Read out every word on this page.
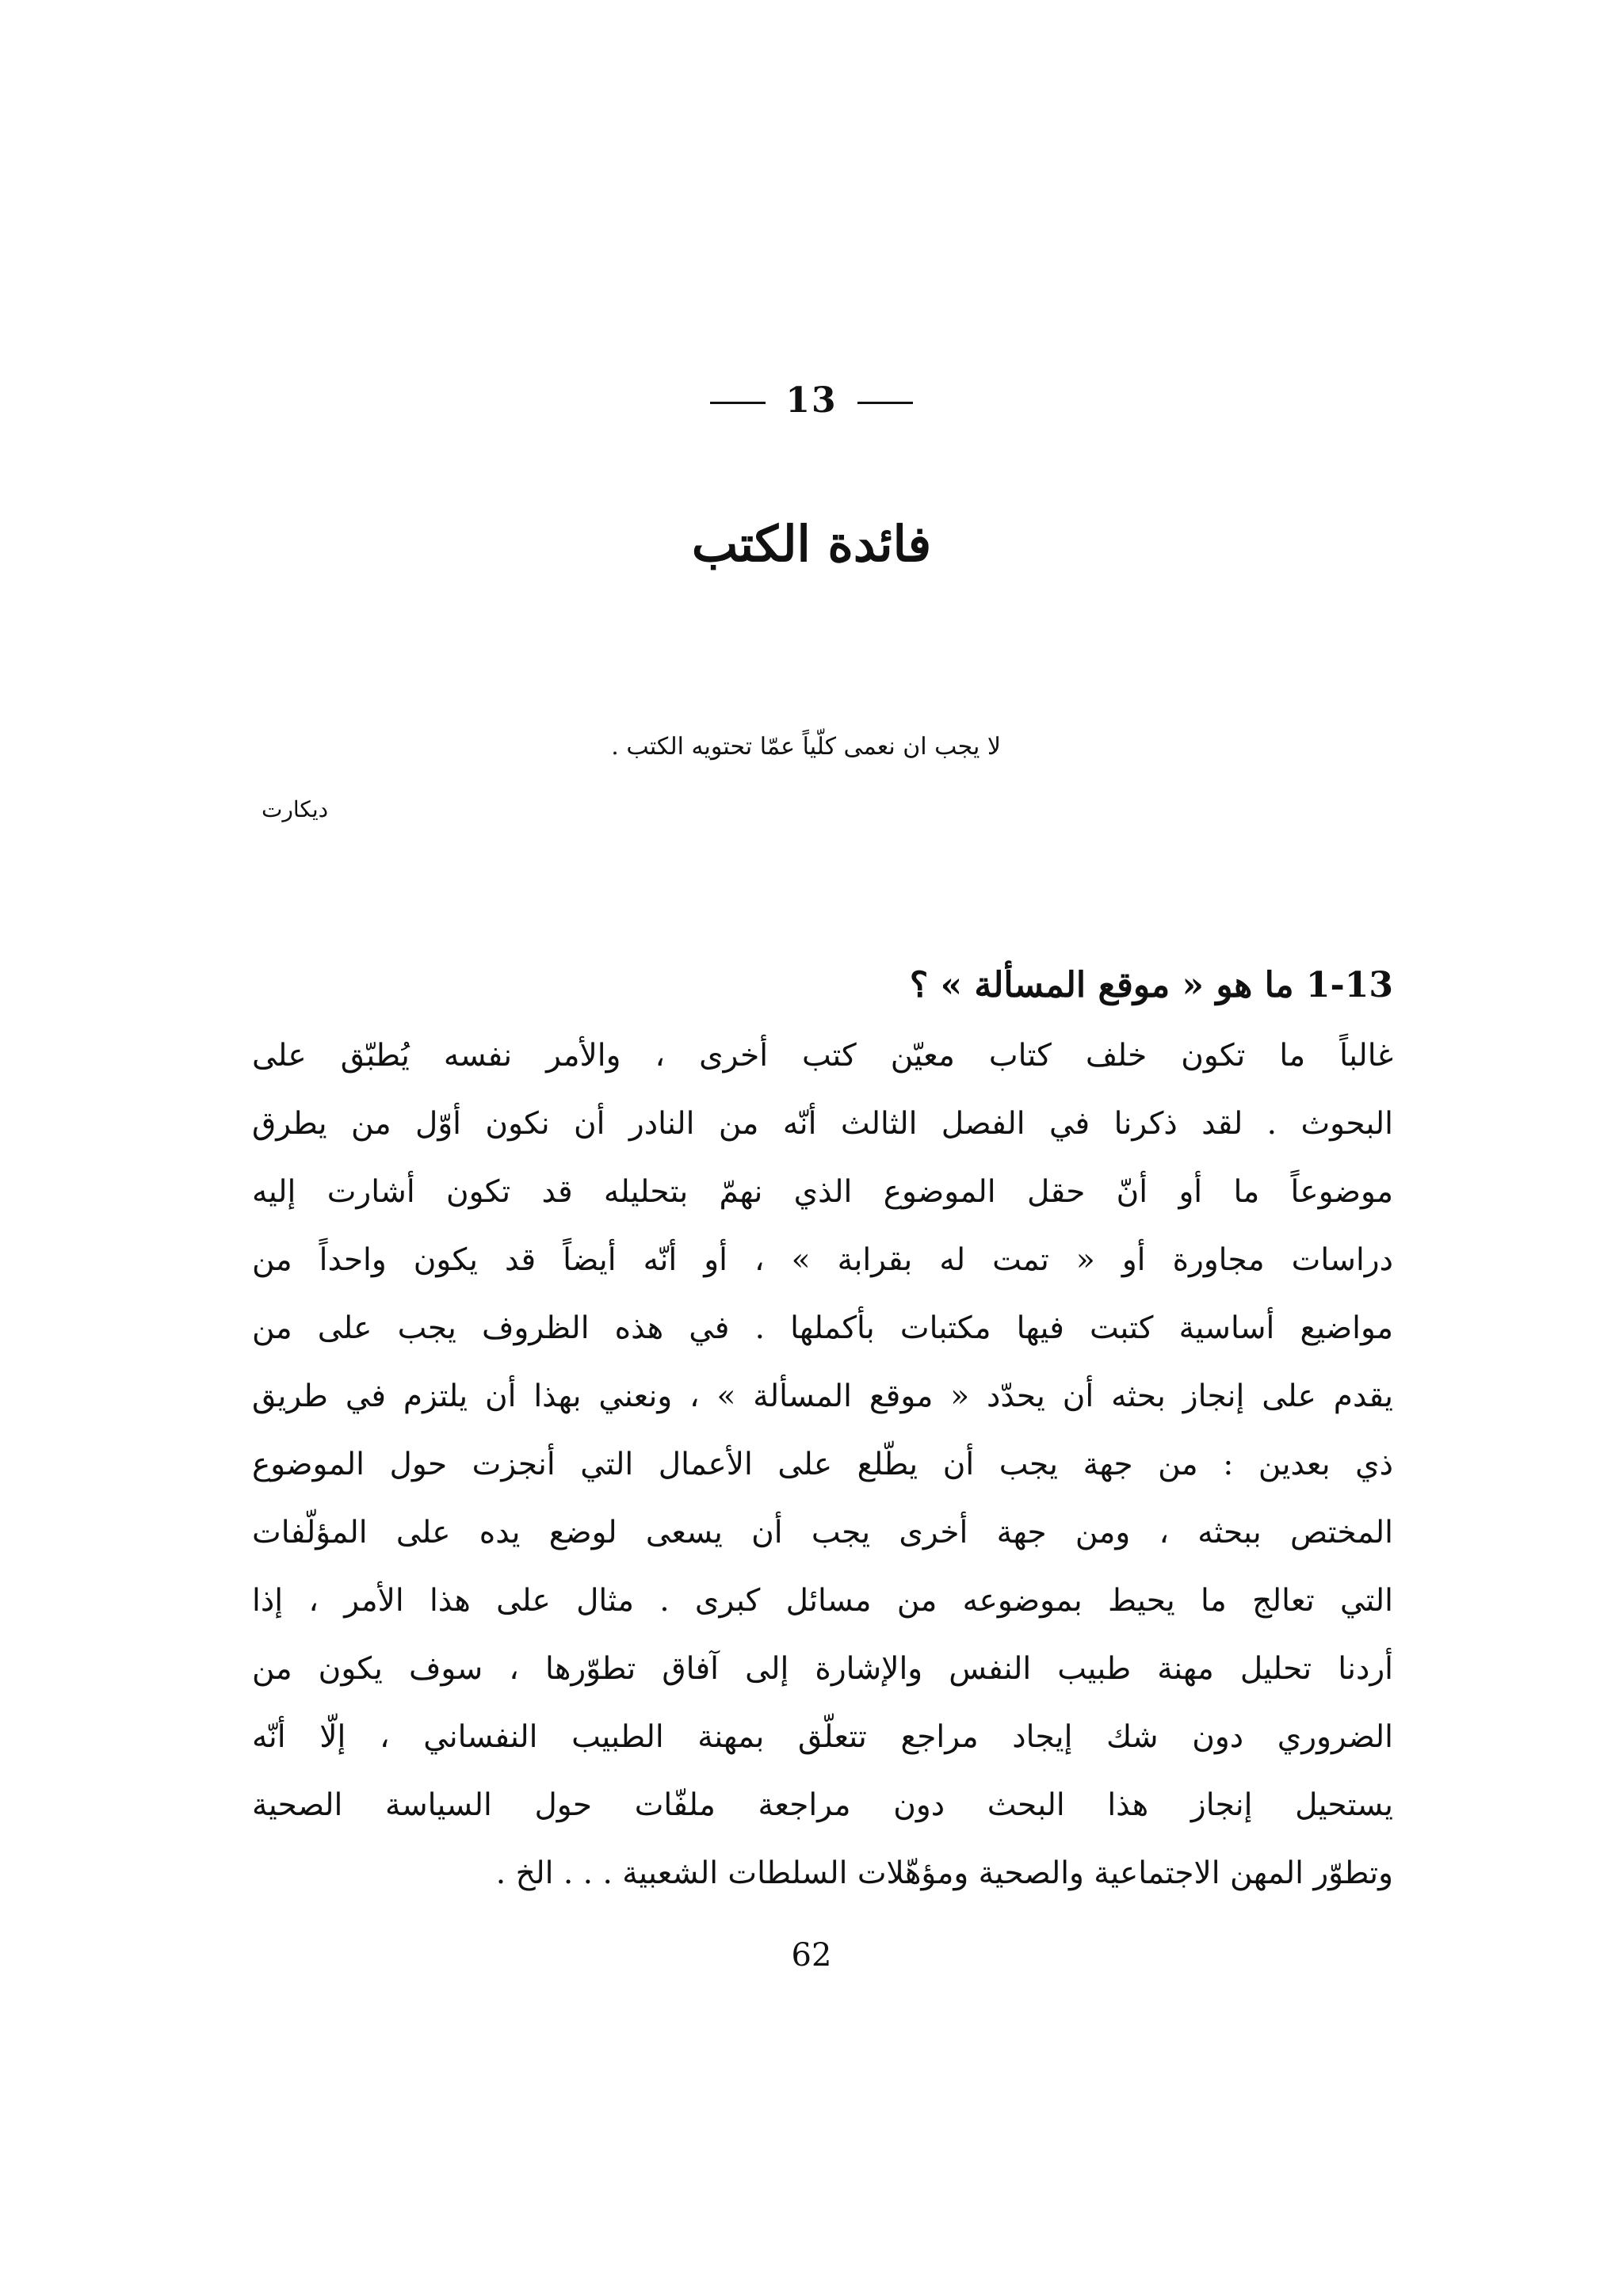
13
فائدة الكتب
لا يجب ان نعمى كلّياً عمّا تحتويه الكتب .
ديكارت
1-13 ما هو « موقع المسألة » ؟
غالباً ما تكون خلف كتاب معيّن كتب أخرى ، والأمر نفسه يُطبّق على
البحوث . لقد ذكرنا في الفصل الثالث أنّه من النادر أن نكون أوّل من يطرق
موضوعاً ما أو أنّ حقل الموضوع الذي نهمّ بتحليله قد تكون أشارت إليه
دراسات مجاورة أو « تمت له بقرابة » ، أو أنّه أيضاً قد يكون واحداً من
مواضيع أساسية كتبت فيها مكتبات بأكملها . في هذه الظروف يجب على من
يقدم على إنجاز بحثه أن يحدّد « موقع المسألة » ، ونعني بهذا أن يلتزم في طريق
ذي بعدين : من جهة يجب أن يطّلع على الأعمال التي أنجزت حول الموضوع
المختص ببحثه ، ومن جهة أخرى يجب أن يسعى لوضع يده على المؤلّفات
التي تعالج ما يحيط بموضوعه من مسائل كبرى . مثال على هذا الأمر ، إذا
أردنا تحليل مهنة طبيب النفس والإشارة إلى آفاق تطوّرها ، سوف يكون من
الضروري دون شك إيجاد مراجع تتعلّق بمهنة الطبيب النفساني ، إلّا أنّه
يستحيل إنجاز هذا البحث دون مراجعة ملفّات حول السياسة الصحية
وتطوّر المهن الاجتماعية والصحية ومؤهّلات السلطات الشعبية . . . الخ .
62
